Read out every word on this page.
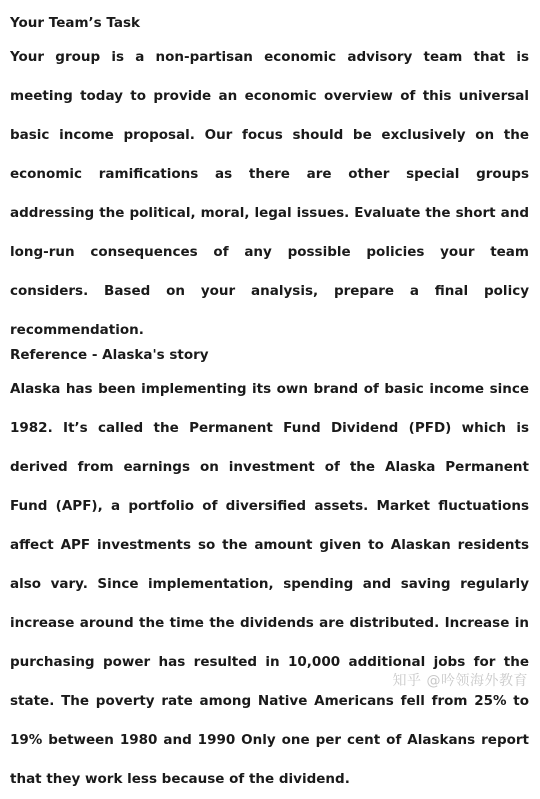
Your Team’s Task

Your group is a non-partisan economic advisory team that is meeting today to provide an economic overview of this universal basic income proposal. Our focus should be exclusively on the economic ramifications as there are other special groups addressing the political, moral, legal issues. Evaluate the short and long-run consequences of any possible policies your team considers. Based on your analysis, prepare a final policy recommendation.

Reference - Alaska's story

Alaska has been implementing its own brand of basic income since 1982. It’s called the Permanent Fund Dividend (PFD) which is derived from earnings on investment of the Alaska Permanent Fund (APF), a portfolio of diversified assets. Market fluctuations affect APF investments so the amount given to Alaskan residents also vary. Since implementation, spending and saving regularly increase around the time the dividends are distributed. Increase in purchasing power has resulted in 10,000 additional jobs for the state. The poverty rate among Native Americans fell from 25% to 19% between 1980 and 1990 Only one per cent of Alaskans report that they work less because of the dividend.

知乎 @吟领海外教育
